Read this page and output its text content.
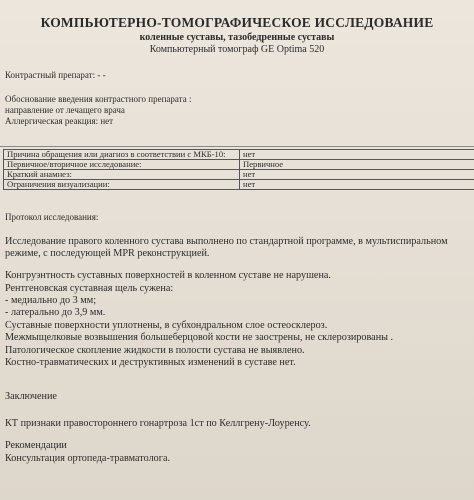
КОМПЬЮТЕРНО-ТОМОГРАФИЧЕСКОЕ ИССЛЕДОВАНИЕ
коленные суставы, тазобедренные суставы
Компьютерный томограф GE Optima 520
Контрастный препарат: - -
Обоснование введения контрастного препарата :
направление от лечащего врача
Аллергическая реакция: нет
Причина обращения или диагноз в соответствии с МКБ-10:	нет
Первичное/вторичное исследование:	Первичное
Краткий анамнез:	нет
Ограничения визуализации:	нет
Протокол исследования:
Исследование правого коленного сустава выполнено по стандартной программе, в мультиспиральном
режиме, с последующей MPR реконструкцией.
Конгруэнтность суставных поверхностей в коленном суставе не нарушена.
Рентгеновская суставная щель сужена:
- медиально до 3 мм;
- латерально до 3,9 мм.
Суставные поверхности уплотнены, в субхондральном слое остеосклероз.
Межмыщелковые возвышения большеберцовой кости не заострены, не склерозированы .
Патологическое скопление жидкости в полости сустава не выявлено.
Костно-травматических и деструктивных изменений в суставе нет.
Заключение
КТ признаки правостороннего гонартроза 1ст по Келлгрену-Лоуренсу.
Рекомендации
Консультация ортопеда-травматолога.
